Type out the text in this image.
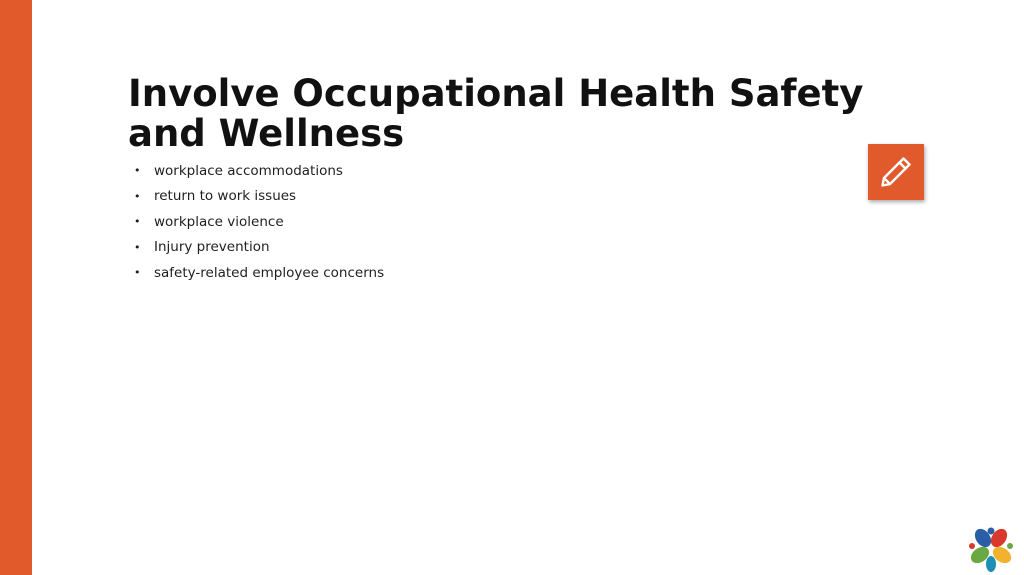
Involve Occupational Health Safety and Wellness
•	workplace accommodations
•	return to work issues
•	workplace violence
•	Injury prevention
•	safety-related employee concerns
